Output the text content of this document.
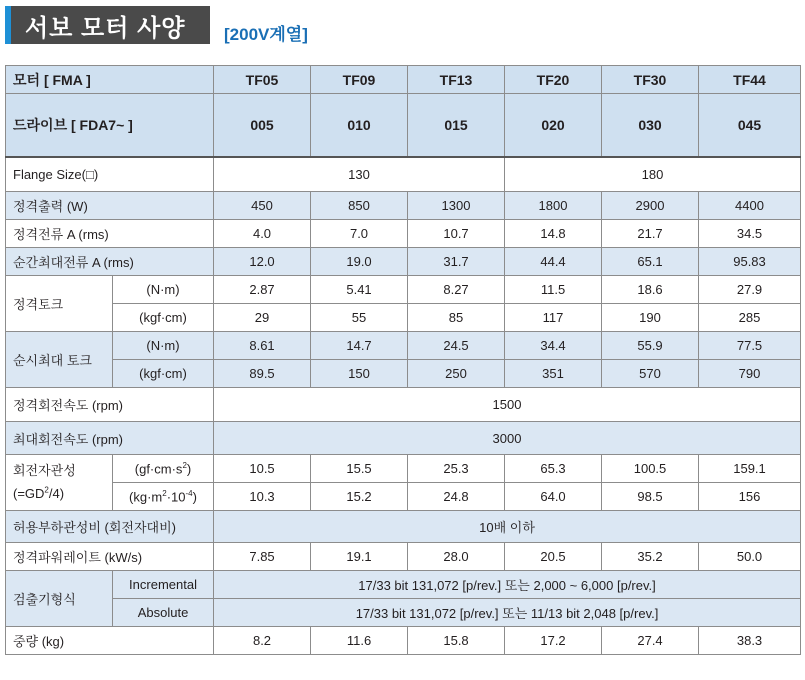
서보 모터 사양 [200V계열]
모터 [ FMA ]		TF05	TF09	TF13	TF20	TF30	TF44
드라이브 [ FDA7~ ]		005	010	015	020	030	045
Flange Size(□)		130			180		
정격출력 (W)		450	850	1300	1800	2900	4400
정격전류 A (rms)		4.0	7.0	10.7	14.8	21.7	34.5
순간최대전류 A (rms)		12.0	19.0	31.7	44.4	65.1	95.83
정격토크	(N·m)	2.87	5.41	8.27	11.5	18.6	27.9
	(kgf·cm)	29	55	85	117	190	285
순시최대 토크	(N·m)	8.61	14.7	24.5	34.4	55.9	77.5
	(kgf·cm)	89.5	150	250	351	570	790
정격회전속도 (rpm)		1500					
최대회전속도 (rpm)		3000					
회전자관성
$(=GD^2/4)$	$(gf\cdot cm\cdot s^2)$	10.5	15.5	25.3	65.3	100.5	159.1
	$(kg\cdot m^2\cdot 10^{-4})$	10.3	15.2	24.8	64.0	98.5	156
허용부하관성비 (회전자대비)		10배 이하					
정격파워레이트 (kW/s)		7.85	19.1	28.0	20.5	35.2	50.0
검출기형식	Incremental	17/33 bit 131,072 [p/rev.] 또는 2,000 ~ 6,000 [p/rev.]					
	Absolute	17/33 bit 131,072 [p/rev.] 또는 11/13 bit 2,048 [p/rev.]					
중량 (kg)		8.2	11.6	15.8	17.2	27.4	38.3
